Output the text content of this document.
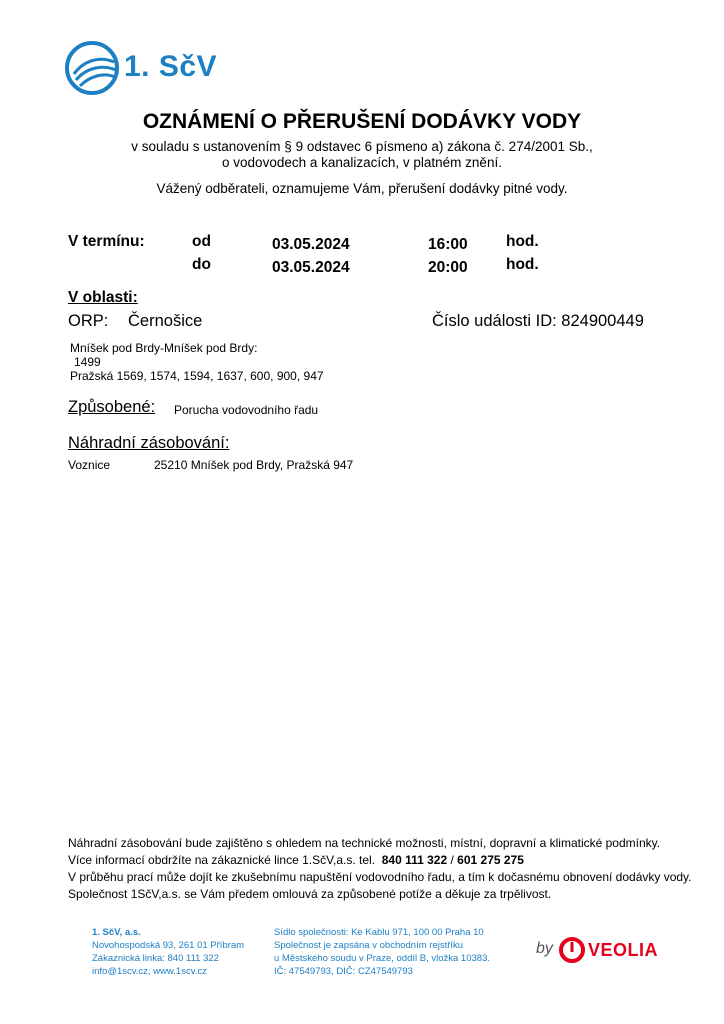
1. SčV
OZNÁMENÍ O PŘERUŠENÍ DODÁVKY VODY
v souladu s ustanovením § 9 odstavec 6 písmeno a) zákona č. 274/2001 Sb.,
o vodovodech a kanalizacích, v platném znění.
Vážený odběrateli, oznamujeme Vám, přerušení dodávky pitné vody.
V termínu:	od	03.05.2024	16:00 hod.
do	03.05.2024	20:00 hod.
V oblasti:
ORP: Černošice	Číslo události ID: 824900449
Mníšek pod Brdy-Mníšek pod Brdy:
1499
Pražská 1569, 1574, 1594, 1637, 600, 900, 947
Způsobené: Porucha vodovodního řadu
Náhradní zásobování:
Voznice	25210 Mníšek pod Brdy, Pražská 947
Náhradní zásobování bude zajištěno s ohledem na technické možnosti, místní, dopravní a klimatické podmínky.
Více informací obdržíte na zákaznické lince 1.SčV,a.s. tel. 840 111 322 / 601 275 275
V průběhu prací může dojít ke zkušebnímu napuštění vodovodního řadu, a tím k dočasnému obnovení dodávky vody.
Společnost 1SčV,a.s. se Vám předem omlouvá za způsobené potíže a děkuje za trpělivost.
1. SčV, a.s.
Novohospodská 93, 261 01 Příbram
Zákaznická linka: 840 111 322
info@1scv.cz, www.1scv.cz
Sídlo společnosti: Ke Kablu 971, 100 00 Praha 10
Společnost je zapsána v obchodním rejstříku
u Městského soudu v Praze, oddíl B, vložka 10383.
IČ: 47549793, DIČ: CZ47549793
by VEOLIA
